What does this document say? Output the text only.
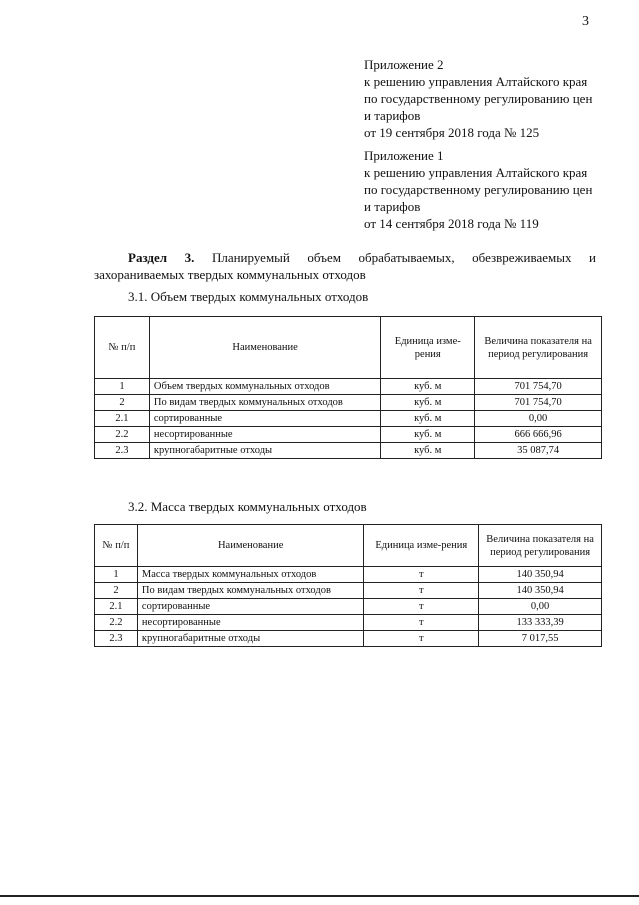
3
Приложение 2
к решению управления Алтайского края
по государственному регулированию цен
и тарифов
от 19 сентября 2018 года № 125
Приложение 1
к решению управления Алтайского края
по государственному регулированию цен
и тарифов
от 14 сентября 2018 года № 119
Раздел 3. Планируемый объем обрабатываемых, обезвреживаемых и захораниваемых твердых коммунальных отходов
3.1. Объем твердых коммунальных отходов
№ п/п	Наименование	Единица изме-рения	Величина показателя на период регулирования
1	Объем твердых коммунальных отходов	куб. м	701 754,70
2	По видам твердых коммунальных отходов	куб. м	701 754,70
2.1	сортированные	куб. м	0,00
2.2	несортированные	куб. м	666 666,96
2.3	крупногабаритные отходы	куб. м	35 087,74
3.2. Масса твердых коммунальных отходов
№ п/п	Наименование	Единица изме-рения	Величина показателя на период регулирования
1	Масса твердых коммунальных отходов	т	140 350,94
2	По видам твердых коммунальных отходов	т	140 350,94
2.1	сортированные	т	0,00
2.2	несортированные	т	133 333,39
2.3	крупногабаритные отходы	т	7 017,55
